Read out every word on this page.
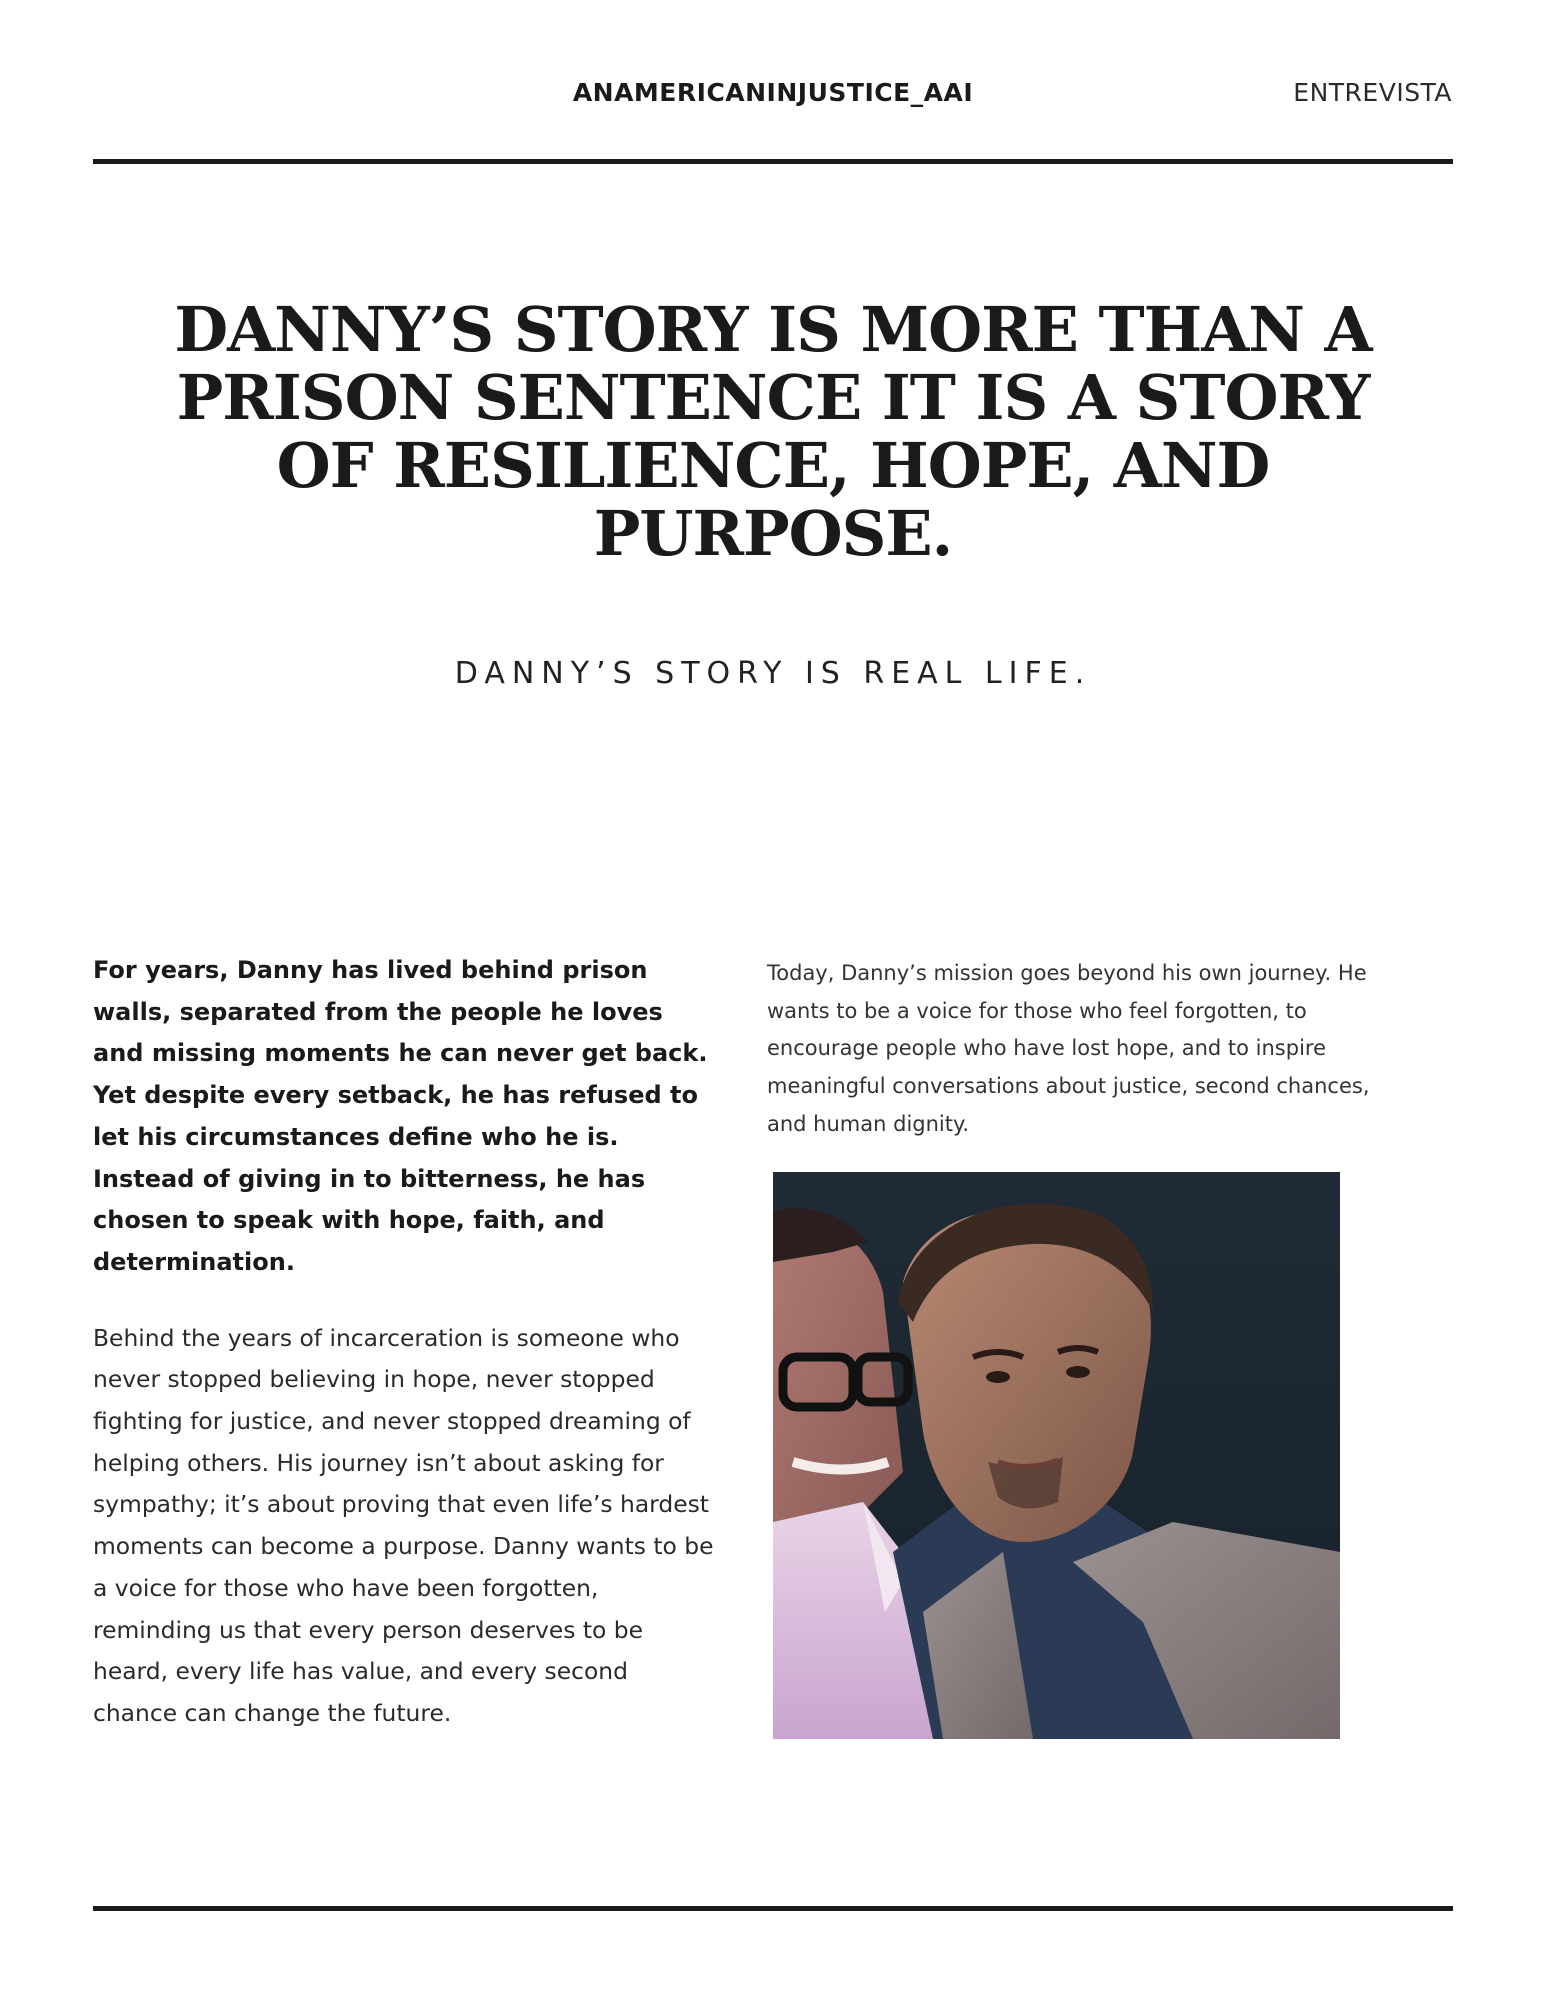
ANAMERICANINJUSTICE_AAI	ENTREVISTA
DANNY’S STORY IS MORE THAN A PRISON SENTENCE IT IS A STORY OF RESILIENCE, HOPE, AND PURPOSE.
DANNY’S STORY IS REAL LIFE.

For years, Danny has lived behind prison walls, separated from the people he loves and missing moments he can never get back. Yet despite every setback, he has refused to let his circumstances define who he is. Instead of giving in to bitterness, he has chosen to speak with hope, faith, and determination.

Behind the years of incarceration is someone who never stopped believing in hope, never stopped fighting for justice, and never stopped dreaming of helping others. His journey isn’t about asking for sympathy; it’s about proving that even life’s hardest moments can become a purpose. Danny wants to be a voice for those who have been forgotten, reminding us that every person deserves to be heard, every life has value, and every second chance can change the future.

Today, Danny’s mission goes beyond his own journey. He wants to be a voice for those who feel forgotten, to encourage people who have lost hope, and to inspire meaningful conversations about justice, second chances, and human dignity.
